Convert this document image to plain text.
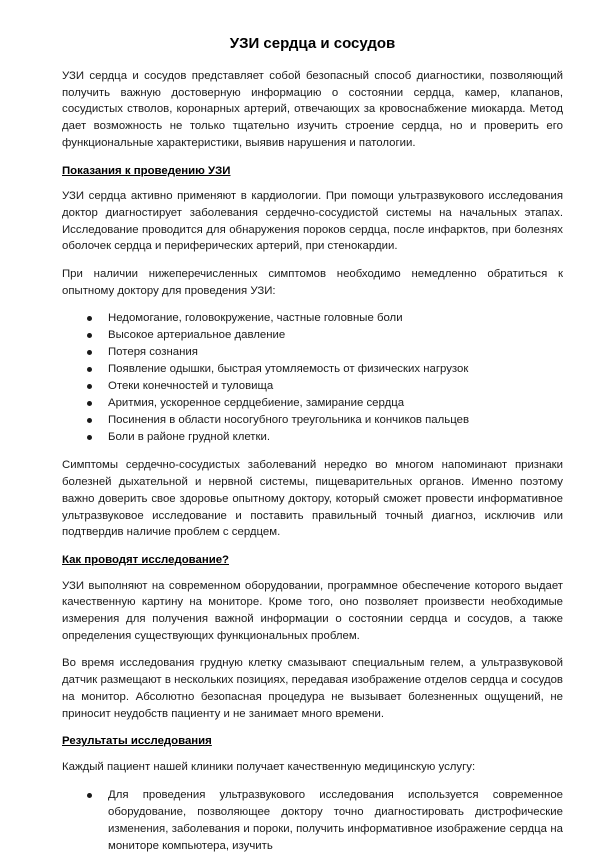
УЗИ сердца и сосудов

УЗИ сердца и сосудов представляет собой безопасный способ диагностики, позволяющий получить важную достоверную информацию о состоянии сердца, камер, клапанов, сосудистых стволов, коронарных артерий, отвечающих за кровоснабжение миокарда. Метод дает возможность не только тщательно изучить строение сердца, но и проверить его функциональные характеристики, выявив нарушения и патологии.

Показания к проведению УЗИ

УЗИ сердца активно применяют в кардиологии. При помощи ультразвукового исследования доктор диагностирует заболевания сердечно-сосудистой системы на начальных этапах. Исследование проводится для обнаружения пороков сердца, после инфарктов, при болезнях оболочек сердца и периферических артерий, при стенокардии.

При наличии нижеперечисленных симптомов необходимо немедленно обратиться к опытному доктору для проведения УЗИ:

Недомогание, головокружение, частные головные боли
Высокое артериальное давление
Потеря сознания
Появление одышки, быстрая утомляемость от физических нагрузок
Отеки конечностей и туловища
Аритмия, ускоренное сердцебиение, замирание сердца
Посинения в области носогубного треугольника и кончиков пальцев
Боли в районе грудной клетки.

Симптомы сердечно-сосудистых заболеваний нередко во многом напоминают признаки болезней дыхательной и нервной системы, пищеварительных органов. Именно поэтому важно доверить свое здоровье опытному доктору, который сможет провести информативное ультразвуковое исследование и поставить правильный точный диагноз, исключив или подтвердив наличие проблем с сердцем.

Как проводят исследование?

УЗИ выполняют на современном оборудовании, программное обеспечение которого выдает качественную картину на мониторе. Кроме того, оно позволяет произвести необходимые измерения для получения важной информации о состоянии сердца и сосудов, а также определения существующих функциональных проблем.

Во время исследования грудную клетку смазывают специальным гелем, а ультразвуковой датчик размещают в нескольких позициях, передавая изображение отделов сердца и сосудов на монитор. Абсолютно безопасная процедура не вызывает болезненных ощущений, не приносит неудобств пациенту и не занимает много времени.

Результаты исследования

Каждый пациент нашей клиники получает качественную медицинскую услугу:

Для проведения ультразвукового исследования используется современное оборудование, позволяющее доктору точно диагностировать дистрофические изменения, заболевания и пороки, получить информативное изображение сердца на мониторе компьютера, изучить
